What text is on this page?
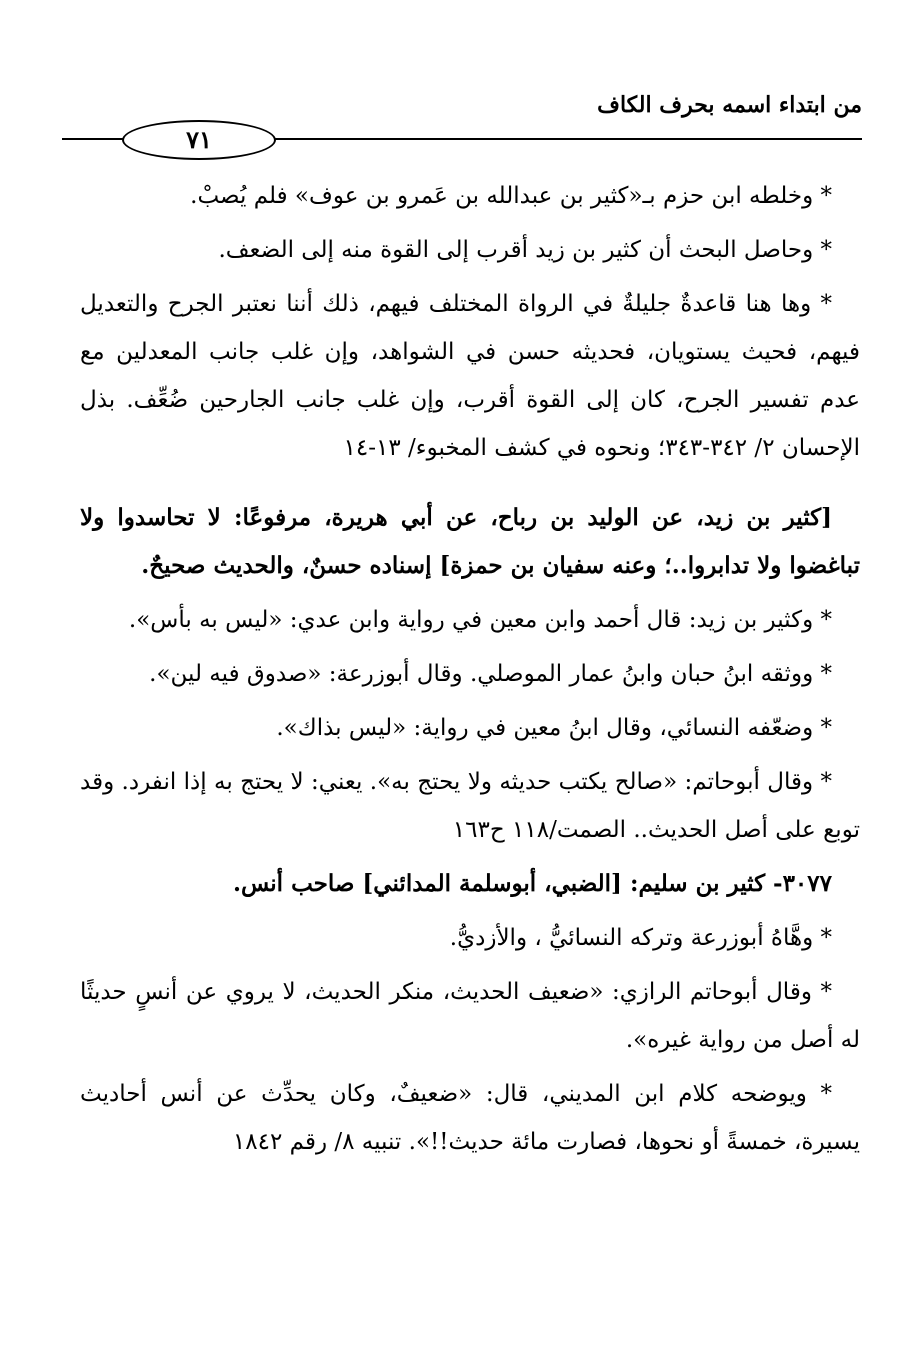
من ابتداء اسمه بحرف الكاف
٧١

* وخلطه ابن حزم بـ«كثير بن عبدالله بن عَمرو بن عوف» فلم يُصبْ.

* وحاصل البحث أن كثير بن زيد أقرب إلى القوة منه إلى الضعف.

* وها هنا قاعدةٌ جليلةٌ في الرواة المختلف فيهم، ذلك أننا نعتبر الجرح والتعديل فيهم، فحيث يستويان، فحديثه حسن في الشواهد، وإن غلب جانب المعدلين مع عدم تفسير الجرح، كان إلى القوة أقرب، وإن غلب جانب الجارحين ضُعِّف. بذل الإحسان ٢/ ٣٤٢-٣٤٣؛ ونحوه في كشف المخبوء/ ١٣-١٤

[كثير بن زيد، عن الوليد بن رباح، عن أبي هريرة، مرفوعًا: لا تحاسدوا ولا تباغضوا ولا تدابروا..؛ وعنه سفيان بن حمزة] إسناده حسنٌ، والحديث صحيحٌ.

* وكثير بن زيد: قال أحمد وابن معين في رواية وابن عدي: «ليس به بأس».

* ووثقه ابنُ حبان وابنُ عمار الموصلي. وقال أبوزرعة: «صدوق فيه لين».

* وضعّفه النسائي، وقال ابنُ معين في رواية: «ليس بذاك».

* وقال أبوحاتم: «صالح يكتب حديثه ولا يحتج به». يعني: لا يحتج به إذا انفرد. وقد توبع على أصل الحديث.. الصمت/١١٨ ح١٦٣

٣٠٧٧- كثير بن سليم: [الضبي، أبوسلمة المدائني] صاحب أنس.

* وهَّاهُ أبوزرعة وتركه النسائيُّ ، والأزديُّ.

* وقال أبوحاتم الرازي: «ضعيف الحديث، منكر الحديث، لا يروي عن أنسٍ حديثًا له أصل من رواية غيره».

* ويوضحه كلام ابن المديني، قال: «ضعيفٌ، وكان يحدِّث عن أنس أحاديث يسيرة، خمسةً أو نحوها، فصارت مائة حديث!!». تنبيه ٨/ رقم ١٨٤٢
